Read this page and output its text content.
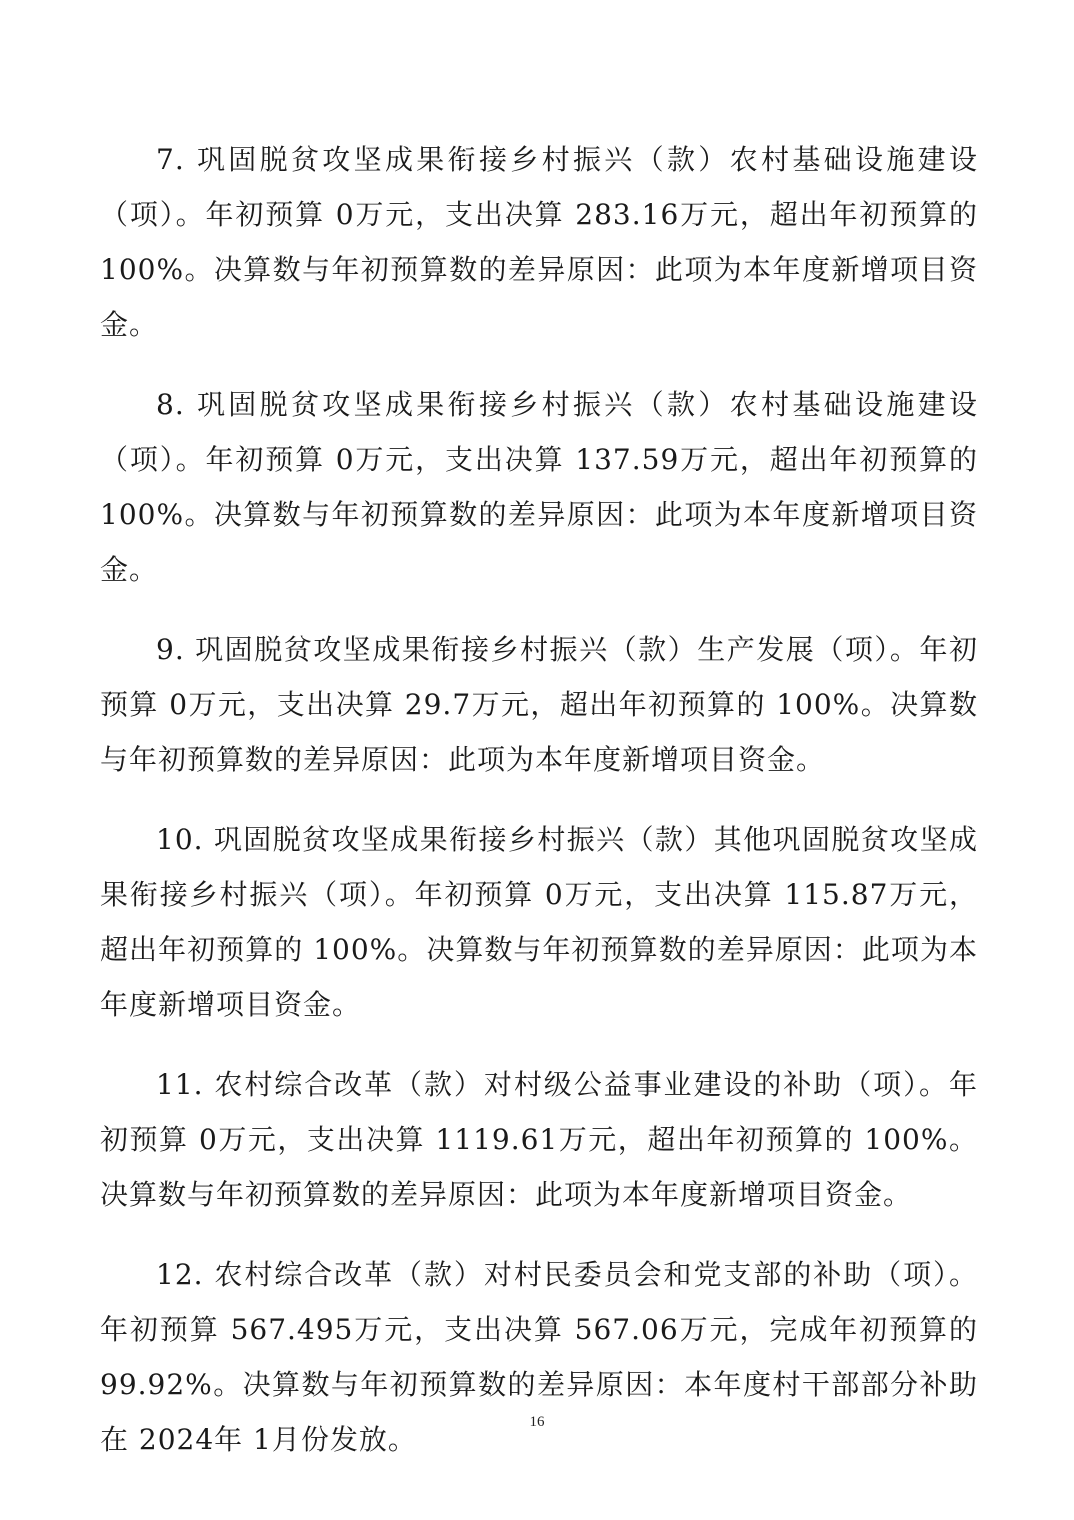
7. 巩固脱贫攻坚成果衔接乡村振兴（款）农村基础设施建设（项）。年初预算 0万元，支出决算 283.16万元，超出年初预算的 100%。决算数与年初预算数的差异原因：此项为本年度新增项目资金。

8. 巩固脱贫攻坚成果衔接乡村振兴（款）农村基础设施建设（项）。年初预算 0万元，支出决算 137.59万元，超出年初预算的 100%。决算数与年初预算数的差异原因：此项为本年度新增项目资金。

9. 巩固脱贫攻坚成果衔接乡村振兴（款）生产发展（项）。年初预算 0万元，支出决算 29.7万元，超出年初预算的 100%。决算数与年初预算数的差异原因：此项为本年度新增项目资金。

10. 巩固脱贫攻坚成果衔接乡村振兴（款）其他巩固脱贫攻坚成果衔接乡村振兴（项）。年初预算 0万元，支出决算 115.87万元，超出年初预算的 100%。决算数与年初预算数的差异原因：此项为本年度新增项目资金。

11. 农村综合改革（款）对村级公益事业建设的补助（项）。年初预算 0万元，支出决算 1119.61万元，超出年初预算的 100%。决算数与年初预算数的差异原因：此项为本年度新增项目资金。

12. 农村综合改革（款）对村民委员会和党支部的补助（项）。年初预算 567.495万元，支出决算 567.06万元，完成年初预算的 99.92%。决算数与年初预算数的差异原因：本年度村干部部分补助在 2024年 1月份发放。

16
